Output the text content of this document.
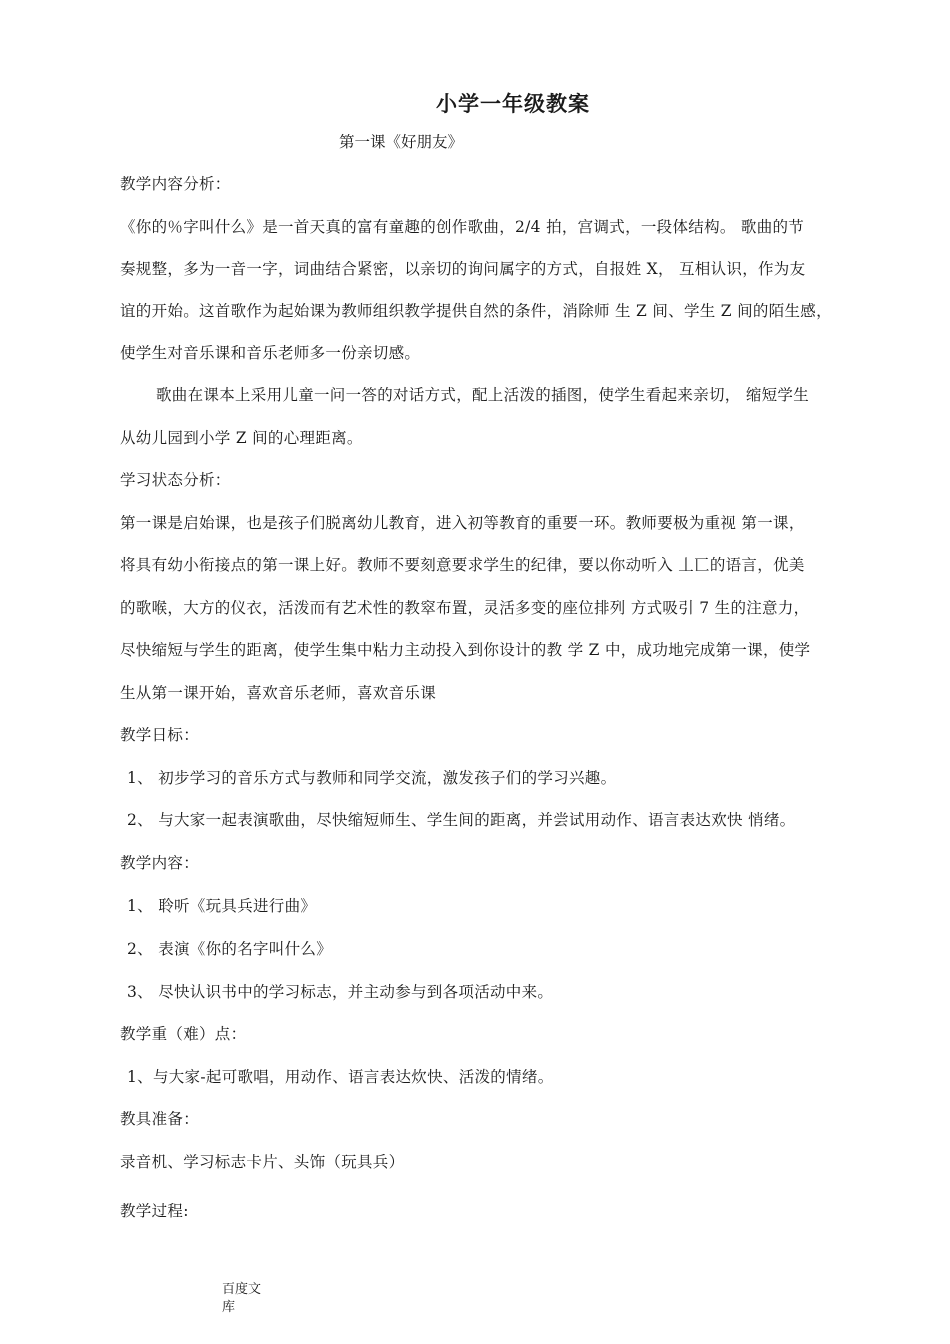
小学一年级教案
第一课《好朋友》
教学内容分析：
《你的％字叫什么》是一首天真的富有童趣的创作歌曲，2/4 拍，宫调式，一段体结构。 歌曲的节
奏规整，多为一音一字，词曲结合紧密，以亲切的询问属字的方式，自报姓 X， 互相认识，作为友
谊的开始。这首歌作为起始课为教师组织教学提供自然的条件，消除师 生 Z 间、学生 Z 间的陌生感，
使学生对音乐课和音乐老师多一份亲切感。
歌曲在课本上采用儿童一问一答的对话方式，配上活泼的插图，使学生看起来亲切， 缩短学生
从幼儿园到小学 Z 间的心理距离。
学习状态分析：
第一课是启始课，也是孩子们脱离幼儿教育，进入初等教育的重要一环。教师要极为重视 第一课，
将具有幼小衔接点的第一课上好。教师不要刻意要求学生的纪律，要以你动听入 丄匸的语言，优美
的歌喉，大方的仪衣，活泼而有艺术性的教窣布置，灵活多变的座位排列 方式吸引 7 生的注意力，
尽快缩短与学生的距离，使学生集中粘力主动投入到你设计的教 学 Z 中，成功地完成第一课，使学
生从第一课开始，喜欢音乐老师，喜欢音乐课
教学日标：
1、 初步学习的音乐方式与教师和同学交流，激发孩子们的学习兴趣。
2、 与大家一起表演歌曲，尽快缩短师生、学生间的距离，并尝试用动作、语言表达欢快 悄绪。
教学内容：
1、 聆听《玩具兵进行曲》
2、 表演《你的名字叫什么》
3、 尽快认识书中的学习标志，并主动参与到各项活动中来。
教学重（难）点：
1、与大家-起可歌唱，用动作、语言表达炊快、活泼的情绪。
教具准备：
录音机、学习标志卡片、头饰（玩具兵）
教学过程:
百度文
库
